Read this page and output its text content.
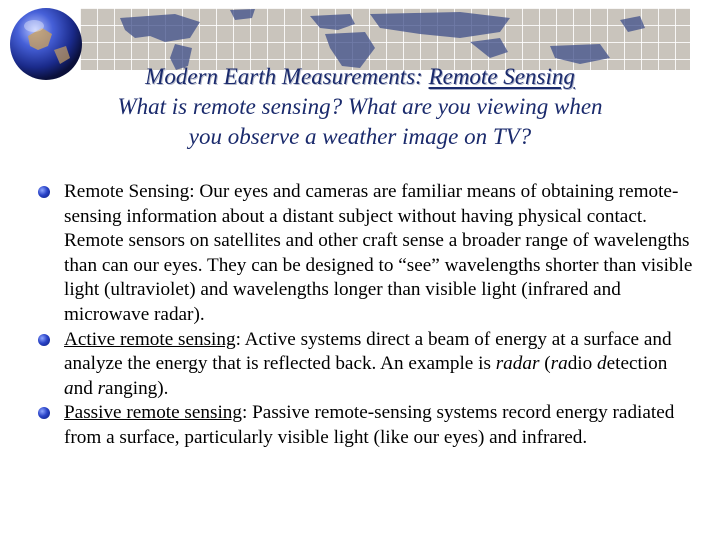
Modern Earth Measurements: Remote Sensing
What is remote sensing? What are you viewing when
you observe a weather image on TV?

Remote Sensing: Our eyes and cameras are familiar means of obtaining remote-sensing information about a distant subject without having physical contact. Remote sensors on satellites and other craft sense a broader range of wavelengths than can our eyes. They can be designed to “see” wavelengths shorter than visible light (ultraviolet) and wavelengths longer than visible light (infrared and microwave radar).

Active remote sensing: Active systems direct a beam of energy at a surface and analyze the energy that is reflected back. An example is radar (radio detection and ranging).

Passive remote sensing: Passive remote-sensing systems record energy radiated from a surface, particularly visible light (like our eyes) and infrared.
